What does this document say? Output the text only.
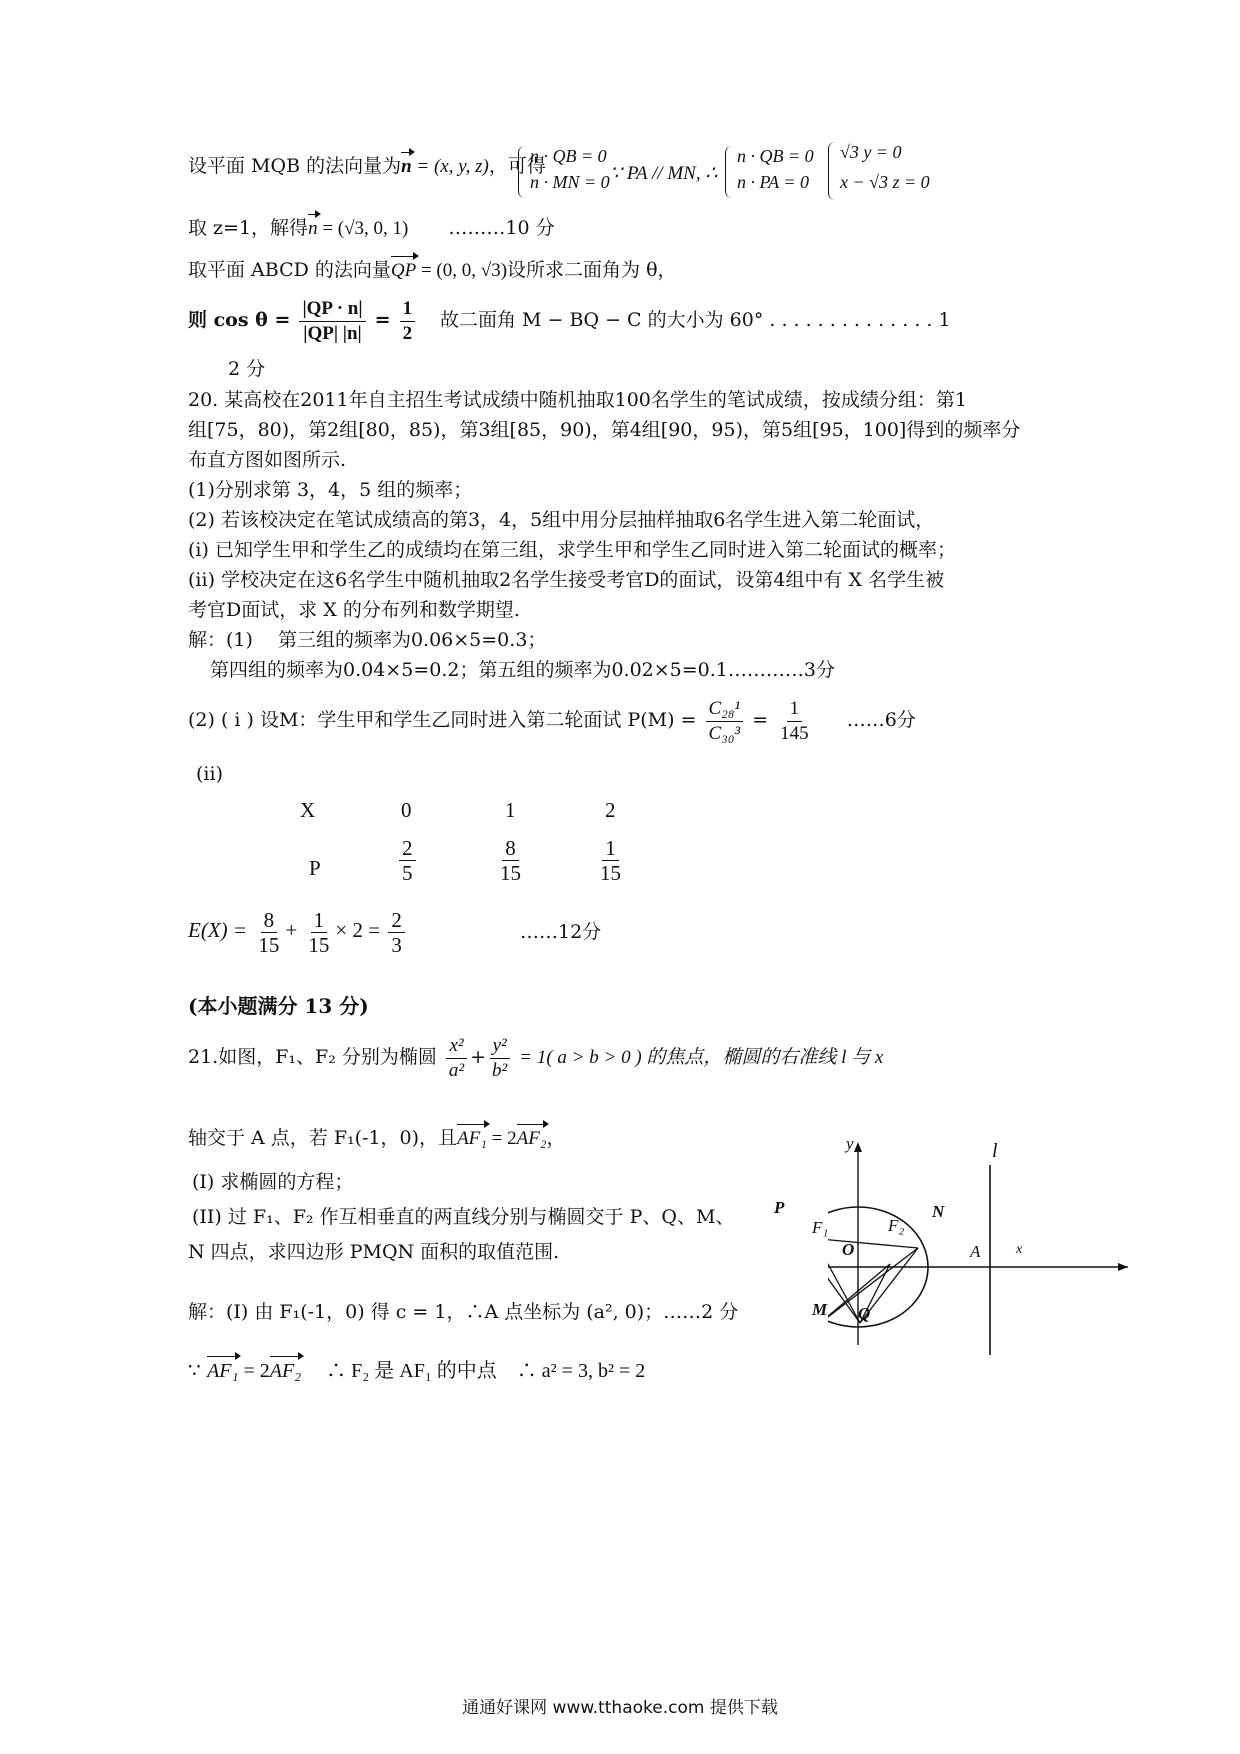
设平面 MQB 的法向量为n = (x, y, z)，可得
n · QB = 0
n · MN = 0 ∵ PA // MN, ∴
n · QB = 0
n · PA = 0
√3 y = 0
x − √3 z = 0
取 z=1，解得n = (√3, 0, 1) ………10 分
取平面 ABCD 的法向量QP = (0, 0, √3)设所求二面角为 θ，
则 $\cos \theta = \frac{|QP \cdot n|}{|QP| |n|} = \frac{1}{2}$ 故二面角 M − BQ − C 的大小为 60° . . . . . . . . . . . . . . 1
2 分
20. 某高校在2011年自主招生考试成绩中随机抽取100名学生的笔试成绩，按成绩分组：第1
组[75，80)，第2组[80，85)，第3组[85，90)，第4组[90，95)，第5组[95，100]得到的频率分
布直方图如图所示.
(1)分别求第 3，4，5 组的频率；
(2) 若该校决定在笔试成绩高的第3，4，5组中用分层抽样抽取6名学生进入第二轮面试，
(i) 已知学生甲和学生乙的成绩均在第三组，求学生甲和学生乙同时进入第二轮面试的概率；
(ii) 学校决定在这6名学生中随机抽取2名学生接受考官D的面试，设第4组中有 X 名学生被
考官D面试，求 X 的分布列和数学期望.
解：(1)　 第三组的频率为0.06×5=0.3；
第四组的频率为0.04×5=0.2；第五组的频率为0.02×5=0.1…………3分
(2) ( i ) 设M：学生甲和学生乙同时进入第二轮面试 $P(M) = \frac{\text{C₂₈¹}}{\text{C₃₀³}} = \frac{1}{145}$ ……6分
(ii)
X	0	1	2
P	$\frac{2}{5}$	$\frac{8}{15}$	$\frac{1}{15}$
$E(X) = \frac{8}{15} + \frac{1}{15} \times 2 = \frac{2}{3}$	……12分
(本小题满分 13 分)
21.如图，F₁、F₂ 分别为椭圆 $\frac{\text{x²}}{\text{a²}} + \frac{\text{y²}}{\text{b²}} = 1$( a > b > 0 ) 的焦点，椭圆的右准线 l 与 x
轴交于 A 点，若 F₁(-1，0)，且AF₁ = 2AF₂，
(I) 求椭圆的方程；
(II) 过 F₁、F₂ 作互相垂直的两直线分别与椭圆交于 P、Q、M、
N 四点，求四边形 PMQN 面积的取值范围.
解：(I) 由 F₁(-1，0) 得 c = 1，∴A 点坐标为 (a², 0)；……2 分
∵ AF₁ = 2AF₂　 ∴ F₂ 是 AF₁ 的中点　∴ a² = 3, b² = 2
y	l
P	N
F₁	F₂
O	A	x
M Q
通通好课网 www.tthaoke.com 提供下载
